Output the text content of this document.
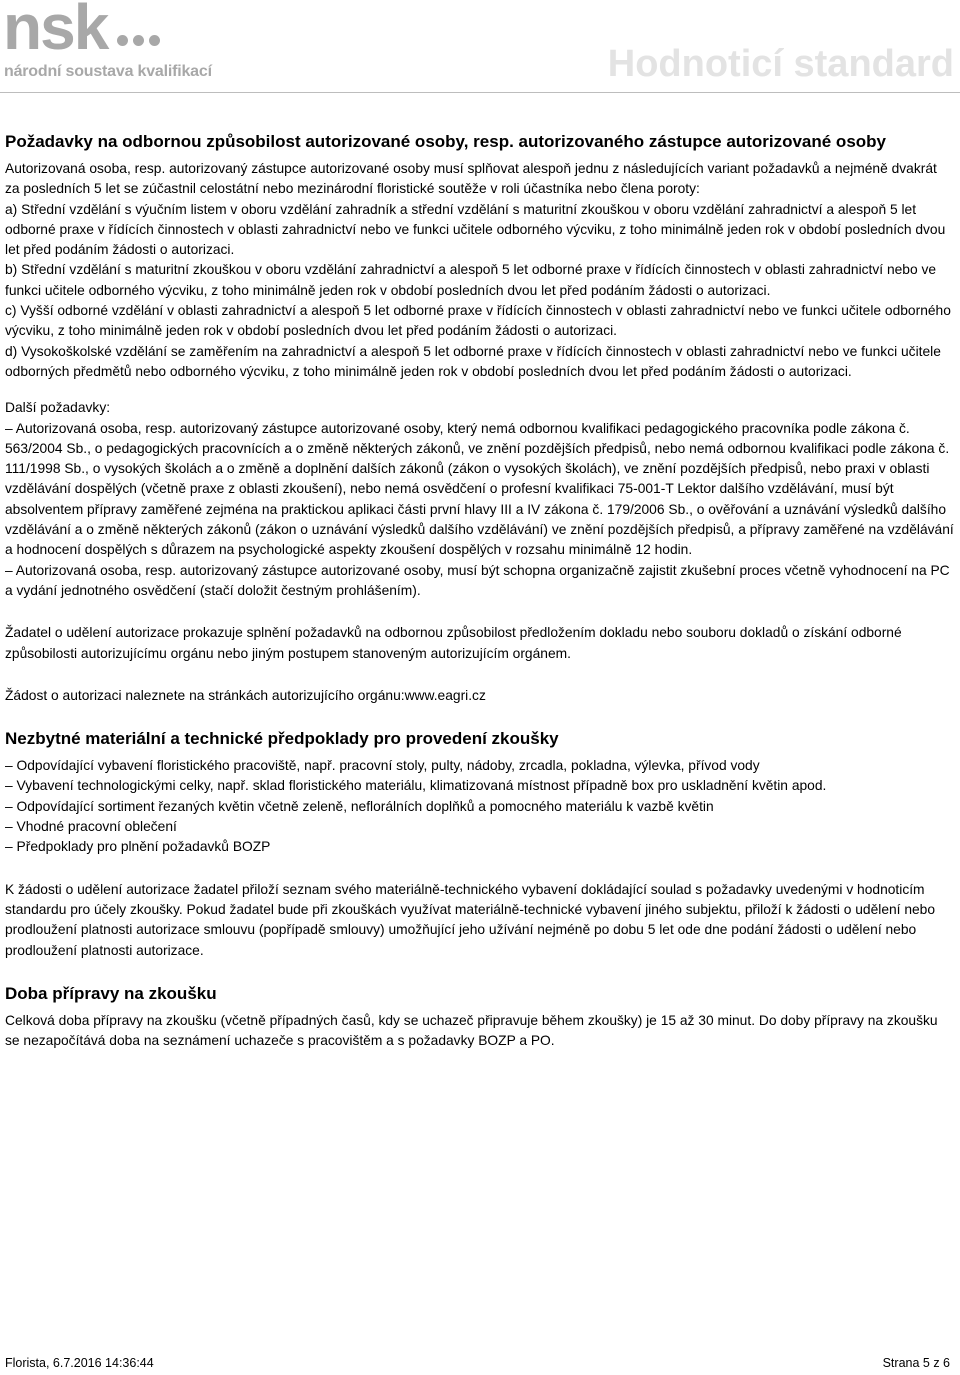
nsk
národní soustava kvalifikací	Hodnoticí standard
Požadavky na odbornou způsobilost autorizované osoby, resp. autorizovaného zástupce autorizované osoby

Autorizovaná osoba, resp. autorizovaný zástupce autorizované osoby musí splňovat alespoň jednu z následujících variant požadavků a nejméně dvakrát za posledních 5 let se zúčastnil celostátní nebo mezinárodní floristické soutěže v roli účastníka nebo člena poroty:

a) Střední vzdělání s výučním listem v oboru vzdělání zahradník a střední vzdělání s maturitní zkouškou v oboru vzdělání zahradnictví a alespoň 5 let odborné praxe v řídících činnostech v oblasti zahradnictví nebo ve funkci učitele odborného výcviku, z toho minimálně jeden rok v období posledních dvou let před podáním žádosti o autorizaci.

b) Střední vzdělání s maturitní zkouškou v oboru vzdělání zahradnictví a alespoň 5 let odborné praxe v řídících činnostech v oblasti zahradnictví nebo ve funkci učitele odborného výcviku, z toho minimálně jeden rok v období posledních dvou let před podáním žádosti o autorizaci.

c) Vyšší odborné vzdělání v oblasti zahradnictví a alespoň 5 let odborné praxe v řídících činnostech v oblasti zahradnictví nebo ve funkci učitele odborného výcviku, z toho minimálně jeden rok v období posledních dvou let před podáním žádosti o autorizaci.

d) Vysokoškolské vzdělání se zaměřením na zahradnictví a alespoň 5 let odborné praxe v řídících činnostech v oblasti zahradnictví nebo ve funkci učitele odborných předmětů nebo odborného výcviku, z toho minimálně jeden rok v období posledních dvou let před podáním žádosti o autorizaci.

Další požadavky:

– Autorizovaná osoba, resp. autorizovaný zástupce autorizované osoby, který nemá odbornou kvalifikaci pedagogického pracovníka podle zákona č. 563/2004 Sb., o pedagogických pracovnících a o změně některých zákonů, ve znění pozdějších předpisů, nebo nemá odbornou kvalifikaci podle zákona č. 111/1998 Sb., o vysokých školách a o změně a doplnění dalších zákonů (zákon o vysokých školách), ve znění pozdějších předpisů, nebo praxi v oblasti vzdělávání dospělých (včetně praxe z oblasti zkoušení), nebo nemá osvědčení o profesní kvalifikaci 75-001-T Lektor dalšího vzdělávání, musí být absolventem přípravy zaměřené zejména na praktickou aplikaci části první hlavy III a IV zákona č. 179/2006 Sb., o ověřování a uznávání výsledků dalšího vzdělávání a o změně některých zákonů (zákon o uznávání výsledků dalšího vzdělávání) ve znění pozdějších předpisů, a přípravy zaměřené na vzdělávání a hodnocení dospělých s důrazem na psychologické aspekty zkoušení dospělých v rozsahu minimálně 12 hodin.
– Autorizovaná osoba, resp. autorizovaný zástupce autorizované osoby, musí být schopna organizačně zajistit zkušební proces včetně vyhodnocení na PC a vydání jednotného osvědčení (stačí doložit čestným prohlášením).

Žadatel o udělení autorizace prokazuje splnění požadavků na odbornou způsobilost předložením dokladu nebo souboru dokladů o získání odborné způsobilosti autorizujícímu orgánu nebo jiným postupem stanoveným autorizujícím orgánem.

Žádost o autorizaci naleznete na stránkách autorizujícího orgánu:www.eagri.cz

Nezbytné materiální a technické předpoklady pro provedení zkoušky
– Odpovídající vybavení floristického pracoviště, např. pracovní stoly, pulty, nádoby, zrcadla, pokladna, výlevka, přívod vody
– Vybavení technologickými celky, např. sklad floristického materiálu, klimatizovaná místnost případně box pro uskladnění květin apod.
– Odpovídající sortiment řezaných květin včetně zeleně, neflorálních doplňků a pomocného materiálu k vazbě květin
– Vhodné pracovní oblečení
– Předpoklady pro plnění požadavků BOZP

K žádosti o udělení autorizace žadatel přiloží seznam svého materiálně-technického vybavení dokládající soulad s požadavky uvedenými v hodnoticím standardu pro účely zkoušky. Pokud žadatel bude při zkouškách využívat materiálně-technické vybavení jiného subjektu, přiloží k žádosti o udělení nebo prodloužení platnosti autorizace smlouvu (popřípadě smlouvy) umožňující jeho užívání nejméně po dobu 5 let ode dne podání žádosti o udělení nebo prodloužení platnosti autorizace.

Doba přípravy na zkoušku

Celková doba přípravy na zkoušku (včetně případných časů, kdy se uchazeč připravuje během zkoušky) je 15 až 30 minut. Do doby přípravy na zkoušku se nezapočítává doba na seznámení uchazeče s pracovištěm a s požadavky BOZP a PO.

Florista, 6.7.2016 14:36:44	Strana 5 z 6
